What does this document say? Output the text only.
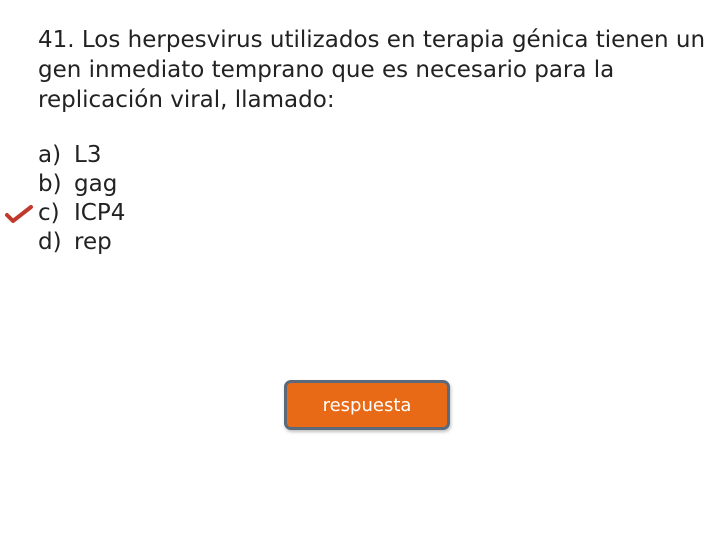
41. Los herpesvirus utilizados en terapia génica tienen un gen inmediato temprano que es necesario para la replicación viral, llamado:

a) L3
b) gag
c) ICP4
d) rep
respuesta
